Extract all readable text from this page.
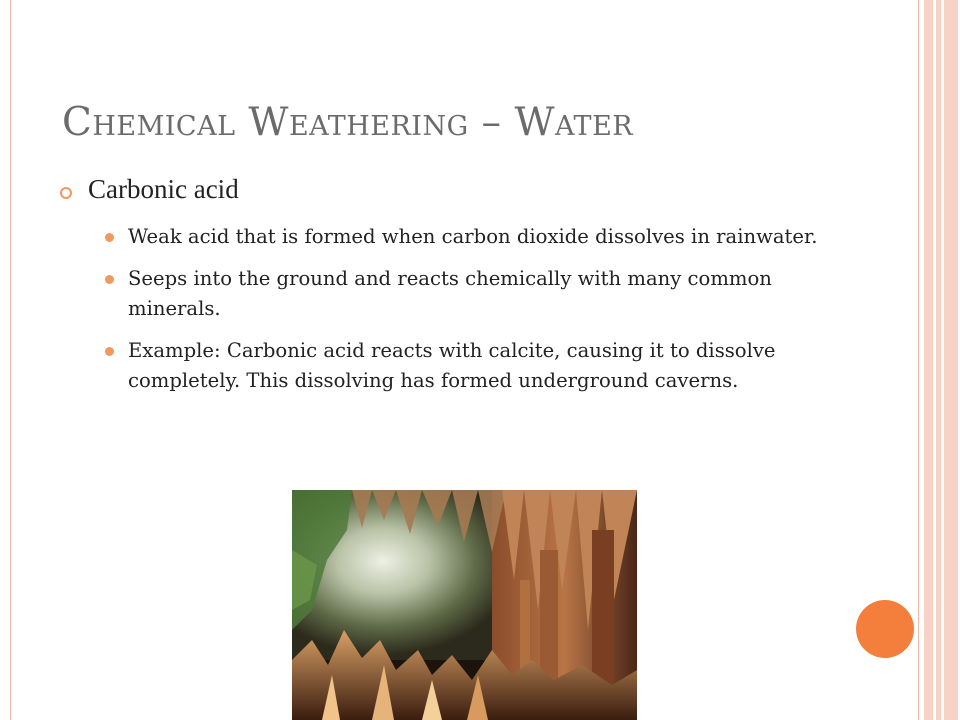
Chemical Weathering – Water
Carbonic acid
Weak acid that is formed when carbon dioxide dissolves in rainwater.
Seeps into the ground and reacts chemically with many common minerals.
Example: Carbonic acid reacts with calcite, causing it to dissolve completely. This dissolving has formed underground caverns.
